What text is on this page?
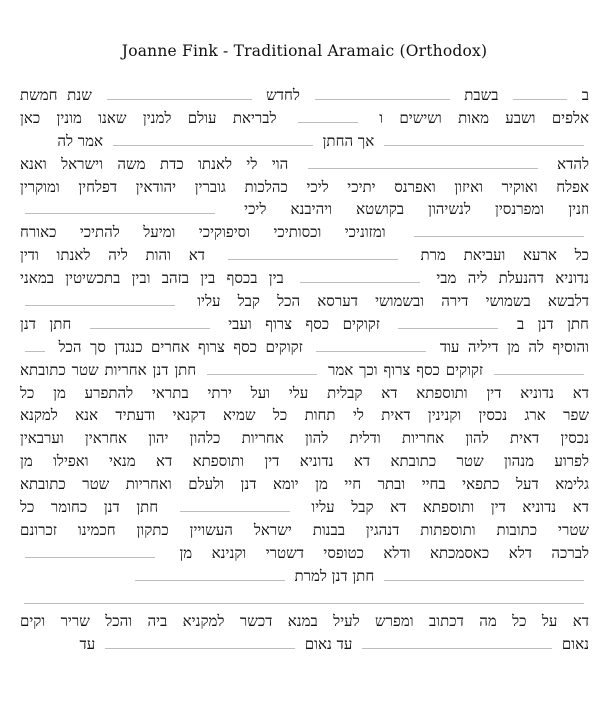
Joanne Fink - Traditional Aramaic (Orthodox)
ב  בשבת  לחדש  שנת חמשת
אלפים ושבע מאות ושישים ו  לבריאת עולם למנין שאנו מונין כאן
אך החתן  אמר לה
להדא  הוי לי לאנתו כדת משה וישראל ואנא
אפלח ואוקיר ואיזון ואפרנס יתיכי ליכי כהלכות גוברין יהודאין דפלחין ומוקרין
וזנין ומפרנסין לנשיהון בקושטא ויהיבנא ליכי
ומזוניכי וכסותיכי וסיפוקיכי ומיעל להתיכי כאורח
כל ארעא ועביאת מרת  דא והות ליה לאנתו ודין
נדוניא דהנעלת ליה מבי  בין בכסף בין בזהב ובין בתכשיטין במאני
דלבשא בשמושי דירה ובשמושי דערסא הכל קבל עליו
חתן דנן ב  זקוקים כסף צרוף ועבי  חתן דנן
והוסיף לה מן דיליה עוד  זקוקים כסף צרוף אחרים כנגדן סך הכל
זקוקים כסף צרוף וכך אמר  חתן דנן אחריות שטר כתובתא
דא נדוניא דין ותוספתא דא קבלית עלי ועל ירתי בתראי להתפרע מן כל
שפר ארג נכסין וקנינין דאית לי תחות כל שמיא דקנאי ודעתיד אנא למקנא
נכסין דאית להון אחריות ודלית להון אחריות כלהון יהון אחראין וערבאין
לפרוע מנהון שטר כתובתא דא נדוניא דין ותוספתא דא מנאי ואפילו מן
גלימא דעל כתפאי בחיי ובתר חיי מן יומא דנן ולעלם ואחריות שטר כתובתא
דא נדוניא דין ותוספתא דא קבל עליו  חתן דנן כחומר כל
שטרי כתובות ותוספתות דנהגין בבנות ישראל העשויין כתקון חכמינו זכרונם
לברכה דלא כאסמכתא ודלא כטופסי דשטרי וקנינא מן
חתן דנן למרת
דא על כל מה דכתוב ומפרש לעיל במנא דכשר למקניא ביה והכל שריר וקים
נאום  עד נאום  עד
